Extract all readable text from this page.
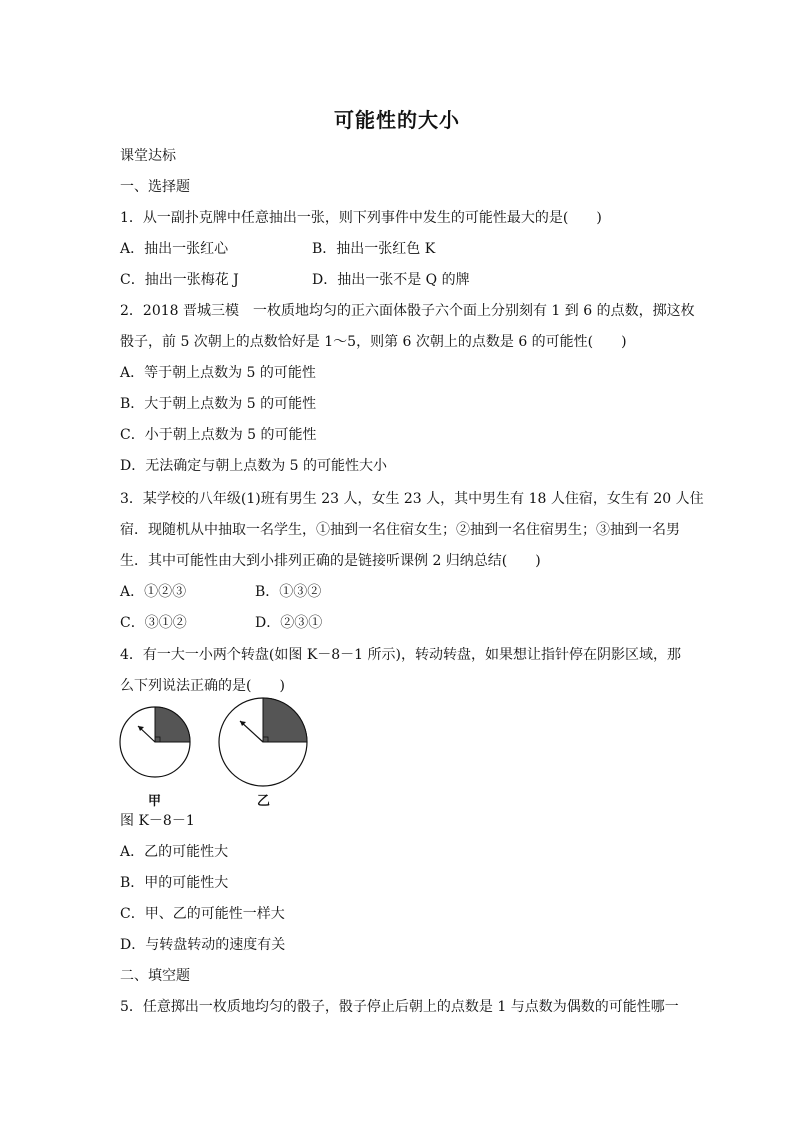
可能性的大小
课堂达标
一、选择题
1．从一副扑克牌中任意抽出一张，则下列事件中发生的可能性最大的是(　　)
A．抽出一张红心	B．抽出一张红色 K
C．抽出一张梅花 J	D．抽出一张不是 Q 的牌
2．2018 晋城三模　一枚质地均匀的正六面体骰子六个面上分别刻有 1 到 6 的点数，掷这枚
骰子，前 5 次朝上的点数恰好是 1～5，则第 6 次朝上的点数是 6 的可能性(　　)
A．等于朝上点数为 5 的可能性
B．大于朝上点数为 5 的可能性
C．小于朝上点数为 5 的可能性
D．无法确定与朝上点数为 5 的可能性大小
3．某学校的八年级(1)班有男生 23 人，女生 23 人，其中男生有 18 人住宿，女生有 20 人住
宿．现随机从中抽取一名学生，①抽到一名住宿女生；②抽到一名住宿男生；③抽到一名男
生．其中可能性由大到小排列正确的是链接听课例 2 归纳总结(　　)
A．①②③	B．①③②
C．③①②	D．②③①
4．有一大一小两个转盘(如图 K－8－1 所示)，转动转盘，如果想让指针停在阴影区域，那
么下列说法正确的是(　　)
甲	乙
图 K－8－1
A．乙的可能性大
B．甲的可能性大
C．甲、乙的可能性一样大
D．与转盘转动的速度有关
二、填空题
5．任意掷出一枚质地均匀的骰子，骰子停止后朝上的点数是 1 与点数为偶数的可能性哪一
